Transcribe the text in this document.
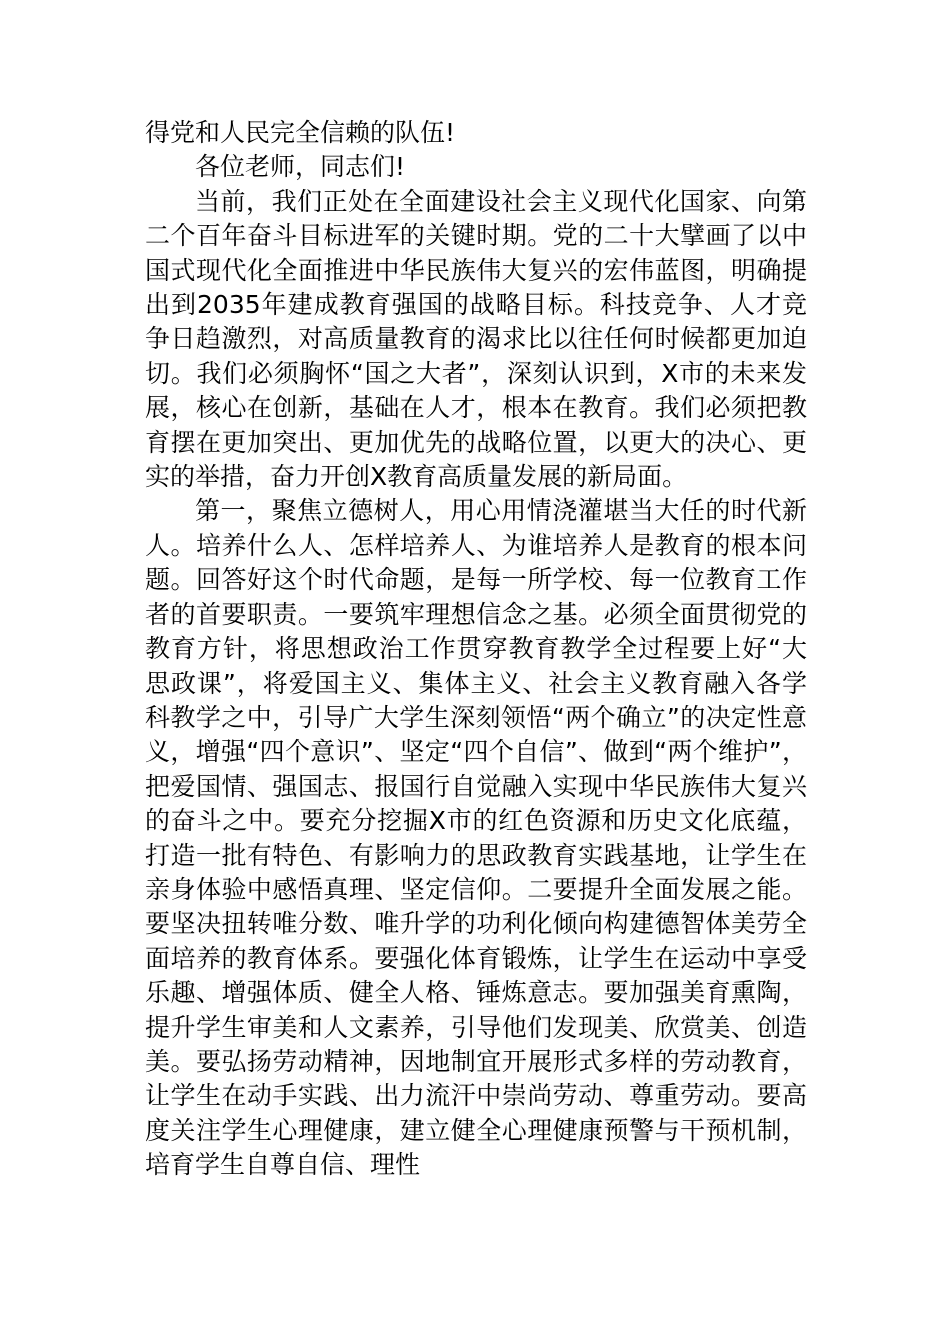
得党和人民完全信赖的队伍!

各位老师，同志们!

当前，我们正处在全面建设社会主义现代化国家、向第二个百年奋斗目标进军的关键时期。党的二十大擘画了以中国式现代化全面推进中华民族伟大复兴的宏伟蓝图，明确提出到2035年建成教育强国的战略目标。科技竞争、人才竞争日趋激烈，对高质量教育的渴求比以往任何时候都更加迫切。我们必须胸怀“国之大者”，深刻认识到，X市的未来发展，核心在创新，基础在人才，根本在教育。我们必须把教育摆在更加突出、更加优先的战略位置，以更大的决心、更实的举措，奋力开创X教育高质量发展的新局面。

第一，聚焦立德树人，用心用情浇灌堪当大任的时代新人。培养什么人、怎样培养人、为谁培养人是教育的根本问题。回答好这个时代命题，是每一所学校、每一位教育工作者的首要职责。一要筑牢理想信念之基。必须全面贯彻党的教育方针，将思想政治工作贯穿教育教学全过程要上好“大思政课”，将爱国主义、集体主义、社会主义教育融入各学科教学之中，引导广大学生深刻领悟“两个确立”的决定性意义，增强“四个意识”、坚定“四个自信”、做到“两个维护”，把爱国情、强国志、报国行自觉融入实现中华民族伟大复兴的奋斗之中。要充分挖掘X市的红色资源和历史文化底蕴，打造一批有特色、有影响力的思政教育实践基地，让学生在亲身体验中感悟真理、坚定信仰。二要提升全面发展之能。要坚决扭转唯分数、唯升学的功利化倾向构建德智体美劳全面培养的教育体系。要强化体育锻炼，让学生在运动中享受乐趣、增强体质、健全人格、锤炼意志。要加强美育熏陶，提升学生审美和人文素养，引导他们发现美、欣赏美、创造美。要弘扬劳动精神，因地制宜开展形式多样的劳动教育，让学生在动手实践、出力流汗中崇尚劳动、尊重劳动。要高度关注学生心理健康，建立健全心理健康预警与干预机制，培育学生自尊自信、理性
